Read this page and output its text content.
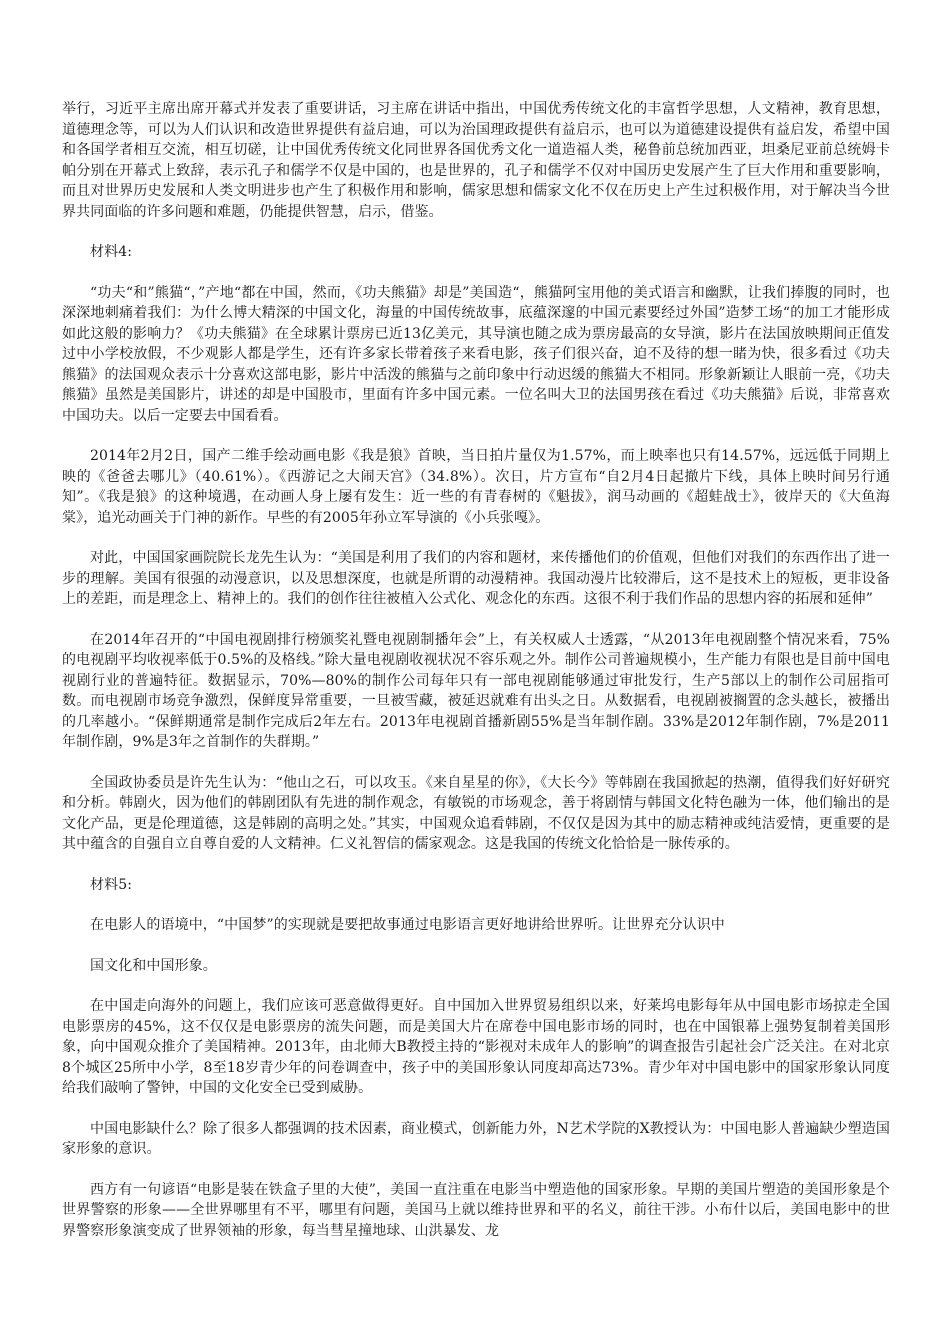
举行，习近平主席出席开幕式并发表了重要讲话，习主席在讲话中指出，中国优秀传统文化的丰富哲学思想，人文精神，教育思想，道德理念等，可以为人们认识和改造世界提供有益启迪，可以为治国理政提供有益启示，也可以为道德建设提供有益启发，希望中国和各国学者相互交流，相互切磋，让中国优秀传统文化同世界各国优秀文化一道造福人类，秘鲁前总统加西亚，坦桑尼亚前总统姆卡帕分别在开幕式上致辞，表示孔子和儒学不仅是中国的，也是世界的，孔子和儒学不仅对中国历史发展产生了巨大作用和重要影响，而且对世界历史发展和人类文明进步也产生了积极作用和影响，儒家思想和儒家文化不仅在历史上产生过积极作用，对于解决当今世界共同面临的许多问题和难题，仍能提供智慧，启示，借鉴。

材料4:

“功夫“和”熊猫“，”产地“都在中国，然而，《功夫熊猫》却是”美国造“，熊猫阿宝用他的美式语言和幽默，让我们捧腹的同时，也深深地刺痛着我们：为什么博大精深的中国文化，海量的中国传统故事，底蕴深邃的中国元素要经过外国”造梦工场“的加工才能形成如此这般的影响力？《功夫熊猫》在全球累计票房已近13亿美元，其导演也随之成为票房最高的女导演，影片在法国放映期间正值发过中小学校放假，不少观影人都是学生，还有许多家长带着孩子来看电影，孩子们很兴奋，迫不及待的想一睹为快，很多看过《功夫熊猫》的法国观众表示十分喜欢这部电影，影片中活泼的熊猫与之前印象中行动迟缓的熊猫大不相同。形象新颖让人眼前一亮，《功夫熊猫》虽然是美国影片，讲述的却是中国股市，里面有许多中国元素。一位名叫大卫的法国男孩在看过《功夫熊猫》后说，非常喜欢中国功夫。以后一定要去中国看看。

2014年2月2日，国产二维手绘动画电影《我是狼》首映，当日拍片量仅为1.57%，而上映率也只有14.57%，远远低于同期上映的《爸爸去哪儿》（40.61%）。《西游记之大闹天宫》（34.8%）。次日，片方宣布“自2月4日起撤片下线，具体上映时间另行通知”。《我是狼》的这种境遇，在动画人身上屡有发生：近一些的有青春树的《魁拔》，润马动画的《超蛙战士》，彼岸天的《大鱼海棠》，追光动画关于门神的新作。早些的有2005年孙立军导演的《小兵张嘎》。

对此，中国国家画院院长龙先生认为：“美国是利用了我们的内容和题材，来传播他们的价值观，但他们对我们的东西作出了进一步的理解。美国有很强的动漫意识，以及思想深度，也就是所谓的动漫精神。我国动漫片比较滞后，这不是技术上的短板，更非设备上的差距，而是理念上、精神上的。我们的创作往往被植入公式化、观念化的东西。这很不利于我们作品的思想内容的拓展和延伸”

在2014年召开的“中国电视剧排行榜颁奖礼暨电视剧制播年会”上，有关权威人士透露，“从2013年电视剧整个情况来看，75%的电视剧平均收视率低于0.5%的及格线。”除大量电视剧收视状况不容乐观之外。制作公司普遍规模小，生产能力有限也是目前中国电视剧行业的普遍特征。数据显示，70%—80%的制作公司每年只有一部电视剧能够通过审批发行，生产5部以上的制作公司屈指可数。而电视剧市场竞争激烈，保鲜度异常重要，一旦被雪藏，被延迟就难有出头之日。从数据看，电视剧被搁置的念头越长，被播出的几率越小。“保鲜期通常是制作完成后2年左右。2013年电视剧首播新剧55%是当年制作剧。33%是2012年制作剧，7%是2011年制作剧，9%是3年之首制作的失群期。”

全国政协委员是许先生认为：“他山之石，可以攻玉。《来自星星的你》，《大长今》等韩剧在我国掀起的热潮，值得我们好好研究和分析。韩剧火，因为他们的韩剧团队有先进的制作观念，有敏锐的市场观念，善于将剧情与韩国文化特色融为一体，他们输出的是文化产品，更是伦理道德，这是韩剧的高明之处。”其实，中国观众追看韩剧，不仅仅是因为其中的励志精神或纯洁爱情，更重要的是其中蕴含的自强自立自尊自爱的人文精神。仁义礼智信的儒家观念。这是我国的传统文化恰恰是一脉传承的。

材料5:

在电影人的语境中，“中国梦”的实现就是要把故事通过电影语言更好地讲给世界听。让世界充分认识中

国文化和中国形象。

在中国走向海外的问题上，我们应该可恶意做得更好。自中国加入世界贸易组织以来，好莱坞电影每年从中国电影市场掠走全国电影票房的45%，这不仅仅是电影票房的流失问题，而是美国大片在席卷中国电影市场的同时，也在中国银幕上强势复制着美国形象，向中国观众推介了美国精神。2013年，由北师大B教授主持的“影视对未成年人的影响”的调查报告引起社会广泛关注。在对北京8个城区25所中小学，8至18岁青少年的问卷调查中，孩子中的美国形象认同度却高达73%。青少年对中国电影中的国家形象认同度给我们敲响了警钟，中国的文化安全已受到威胁。

中国电影缺什么？除了很多人都强调的技术因素，商业模式，创新能力外，N艺术学院的X教授认为：中国电影人普遍缺少塑造国家形象的意识。

西方有一句谚语“电影是装在铁盒子里的大使”，美国一直注重在电影当中塑造他的国家形象。早期的美国片塑造的美国形象是个世界警察的形象——全世界哪里有不平，哪里有问题，美国马上就以维持世界和平的名义，前往干涉。小布什以后，美国电影中的世界警察形象演变成了世界领袖的形象，每当彗星撞地球、山洪暴发、龙
